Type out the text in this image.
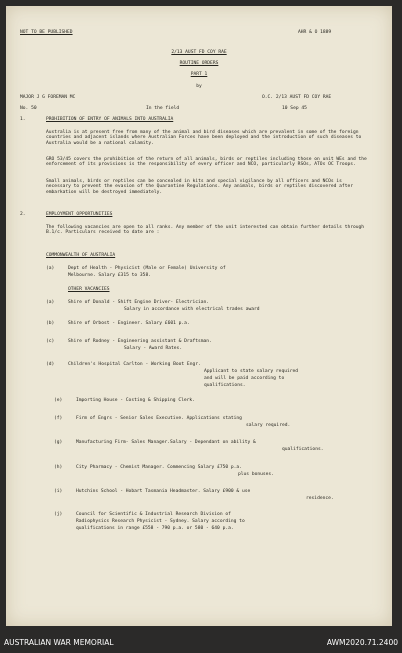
NOT TO BE PUBLISHED	AHR & O 1889
2/13 AUST FD COY RAE
ROUTINE ORDERS
PART 1
by
MAJOR J G FOREMAN MC	O.C. 2/13 AUST FD COY RAE
No. 50	In the field	10 Sep 45
1.	PROHIBITION OF ENTRY OF ANIMALS INTO AUSTRALIA
Australia is at present free from many of the animal and bird diseases which are prevalent in some of the foreign countries and adjacent islands where Australian Forces have been deployed and the introduction of such diseases to Australia would be a national calamity.
GRO 53/45 covers the prohibition of the return of all animals, birds or reptiles including those on unit WEs and the enforcement of its provisions is the responsibility of every officer and NCO, particularly RSOs, ATOs OC Troops.
Small animals, birds or reptiles can be concealed in kits and special vigilance by all officers and NCOs is necessary to prevent the evasion of the Quarantine Regulations. Any animals, birds or reptiles discovered after embarkation will be destroyed immediately.
2.	EMPLOYMENT OPPORTUNITIES
The following vacancies are open to all ranks. Any member of the unit interested can obtain further details through B.1/c. Particulars received to date are :
COMMONWEALTH OF AUSTRALIA
(a)	Dept of Health - Physicist (Male or Female) University of
Melbourne. Salary £315 to 358.
OTHER VACANCIES
(a)	Shire of Donald - Shift Engine Driver- Electrician.
Salary in accordance with electrical trades award
(b)	Shire of Orbost - Engineer. Salary £601 p.a.
(c)	Shire of Rodney - Engineering assistant & Draftsman.
Salary - Award Rates.
(d)	Children's Hospital Carlton - Working Boot Engr.
Applicant to state salary required
and will be paid according to
qualifications.
(e)	Importing House - Costing & Shipping Clerk.
(f)	Firm of Engrs - Senior Sales Executive. Applications stating
salary required.
(g)	Manufacturing Firm- Sales Manager.Salary - Dependant on ability &
qualifications.
(h)	City Pharmacy - Chemist Manager. Commencing Salary £750 p.a.
plus bonuses.
(i)	Hutchins School - Hobart Tasmania Headmaster. Salary £900 & use
residence.
(j)	Council for Scientific & Industrial Research Division of
Radiophysics Research Physicist - Sydney. Salary according to
qualifications in range £558 - 790 p.a. or 580 - 640 p.a.
AUSTRALIAN WAR MEMORIAL	AWM2020.71.2400
